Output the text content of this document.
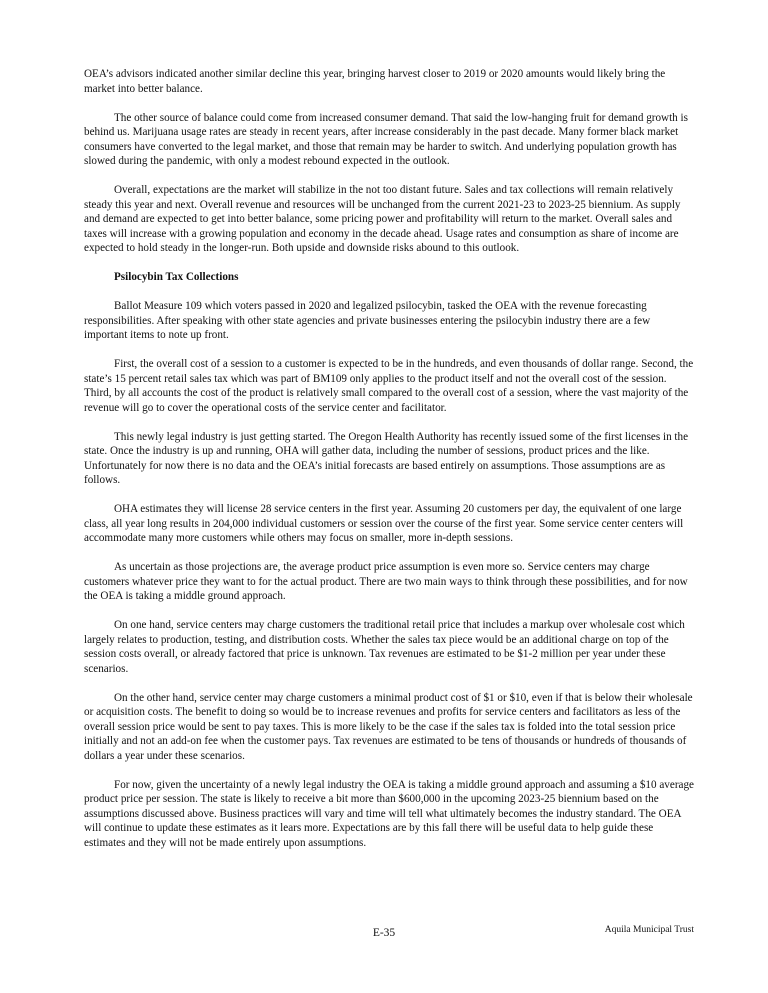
OEA’s advisors indicated another similar decline this year, bringing harvest closer to 2019 or 2020 amounts would likely bring the market into better balance.

The other source of balance could come from increased consumer demand. That said the low-hanging fruit for demand growth is behind us. Marijuana usage rates are steady in recent years, after increase considerably in the past decade. Many former black market consumers have converted to the legal market, and those that remain may be harder to switch. And underlying population growth has slowed during the pandemic, with only a modest rebound expected in the outlook.

Overall, expectations are the market will stabilize in the not too distant future. Sales and tax collections will remain relatively steady this year and next. Overall revenue and resources will be unchanged from the current 2021-23 to 2023-25 biennium. As supply and demand are expected to get into better balance, some pricing power and profitability will return to the market. Overall sales and taxes will increase with a growing population and economy in the decade ahead. Usage rates and consumption as share of income are expected to hold steady in the longer-run. Both upside and downside risks abound to this outlook.

Psilocybin Tax Collections

Ballot Measure 109 which voters passed in 2020 and legalized psilocybin, tasked the OEA with the revenue forecasting responsibilities. After speaking with other state agencies and private businesses entering the psilocybin industry there are a few important items to note up front.

First, the overall cost of a session to a customer is expected to be in the hundreds, and even thousands of dollar range. Second, the state’s 15 percent retail sales tax which was part of BM109 only applies to the product itself and not the overall cost of the session. Third, by all accounts the cost of the product is relatively small compared to the overall cost of a session, where the vast majority of the revenue will go to cover the operational costs of the service center and facilitator.

This newly legal industry is just getting started. The Oregon Health Authority has recently issued some of the first licenses in the state. Once the industry is up and running, OHA will gather data, including the number of sessions, product prices and the like. Unfortunately for now there is no data and the OEA’s initial forecasts are based entirely on assumptions. Those assumptions are as follows.

OHA estimates they will license 28 service centers in the first year. Assuming 20 customers per day, the equivalent of one large class, all year long results in 204,000 individual customers or session over the course of the first year. Some service center centers will accommodate many more customers while others may focus on smaller, more in-depth sessions.

As uncertain as those projections are, the average product price assumption is even more so. Service centers may charge customers whatever price they want to for the actual product. There are two main ways to think through these possibilities, and for now the OEA is taking a middle ground approach.

On one hand, service centers may charge customers the traditional retail price that includes a markup over wholesale cost which largely relates to production, testing, and distribution costs. Whether the sales tax piece would be an additional charge on top of the session costs overall, or already factored that price is unknown. Tax revenues are estimated to be $1-2 million per year under these scenarios.

On the other hand, service center may charge customers a minimal product cost of $1 or $10, even if that is below their wholesale or acquisition costs. The benefit to doing so would be to increase revenues and profits for service centers and facilitators as less of the overall session price would be sent to pay taxes. This is more likely to be the case if the sales tax is folded into the total session price initially and not an add-on fee when the customer pays. Tax revenues are estimated to be tens of thousands or hundreds of thousands of dollars a year under these scenarios.

For now, given the uncertainty of a newly legal industry the OEA is taking a middle ground approach and assuming a $10 average product price per session. The state is likely to receive a bit more than $600,000 in the upcoming 2023-25 biennium based on the assumptions discussed above. Business practices will vary and time will tell what ultimately becomes the industry standard. The OEA will continue to update these estimates as it lears more. Expectations are by this fall there will be useful data to help guide these estimates and they will not be made entirely upon assumptions.

E-35	Aquila Municipal Trust
